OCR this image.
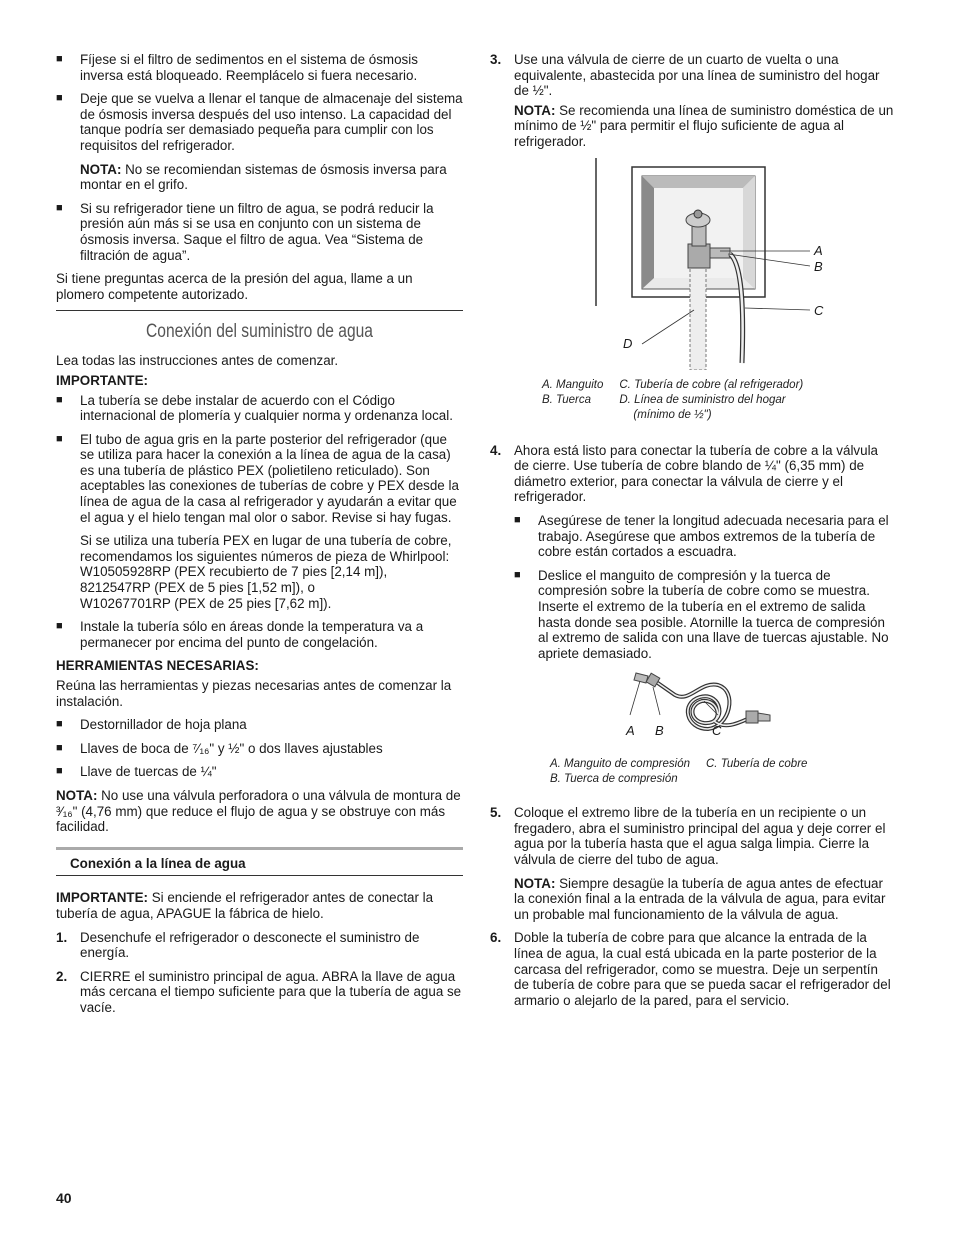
■ Fíjese si el filtro de sedimentos en el sistema de ósmosis inversa está bloqueado. Reemplácelo si fuera necesario.
■ Deje que se vuelva a llenar el tanque de almacenaje del sistema de ósmosis inversa después del uso intenso. La capacidad del tanque podría ser demasiado pequeña para cumplir con los requisitos del refrigerador.

NOTA: No se recomiendan sistemas de ósmosis inversa para montar en el grifo.

■ Si su refrigerador tiene un filtro de agua, se podrá reducir la presión aún más si se usa en conjunto con un sistema de ósmosis inversa. Saque el filtro de agua. Vea “Sistema de filtración de agua”.

Si tiene preguntas acerca de la presión del agua, llame a un plomero competente autorizado.

Conexión del suministro de agua

Lea todas las instrucciones antes de comenzar.

IMPORTANTE:

■ La tubería se debe instalar de acuerdo con el Código internacional de plomería y cualquier norma y ordenanza local.
■ El tubo de agua gris en la parte posterior del refrigerador (que se utiliza para hacer la conexión a la línea de agua de la casa) es una tubería de plástico PEX (polietileno reticulado). Son aceptables las conexiones de tuberías de cobre y PEX desde la línea de agua de la casa al refrigerador y ayudarán a evitar que el agua y el hielo tengan mal olor o sabor. Revise si hay fugas.

Si se utiliza una tubería PEX en lugar de una tubería de cobre, recomendamos los siguientes números de pieza de Whirlpool:

W10505928RP (PEX recubierto de 7 pies [2,14 m]),
8212547RP (PEX de 5 pies [1,52 m]), o
W10267701RP (PEX de 25 pies [7,62 m]).
■ Instale la tubería sólo en áreas donde la temperatura va a permanecer por encima del punto de congelación.

HERRAMIENTAS NECESARIAS:

Reúna las herramientas y piezas necesarias antes de comenzar la instalación.

■ Destornillador de hoja plana
■ Llaves de boca de ⁷⁄₁₆" y ½" o dos llaves ajustables
■ Llave de tuercas de ¼"

NOTA: No use una válvula perforadora o una válvula de montura de ³⁄₁₆" (4,76 mm) que reduce el flujo de agua y se obstruye con más facilidad.

Conexión a la línea de agua

IMPORTANTE: Si enciende el refrigerador antes de conectar la tubería de agua, APAGUE la fábrica de hielo.

1. Desenchufe el refrigerador o desconecte el suministro de energía.
2. CIERRE el suministro principal de agua. ABRA la llave de agua más cercana el tiempo suficiente para que la tubería de agua se vacíe.
3. Use una válvula de cierre de un cuarto de vuelta o una equivalente, abastecida por una línea de suministro del hogar de ½".

NOTA: Se recomienda una línea de suministro doméstica de un mínimo de ½" para permitir el flujo suficiente de agua al refrigerador.

A
B
C
D
A. Manguito	C. Tubería de cobre (al refrigerador)
B. Tuerca	D. Línea de suministro del hogar
	(mínimo de ½")
4. Ahora está listo para conectar la tubería de cobre a la válvula de cierre. Use tubería de cobre blando de ¼" (6,35 mm) de diámetro exterior, para conectar la válvula de cierre y el refrigerador.
■ Asegúrese de tener la longitud adecuada necesaria para el trabajo. Asegúrese que ambos extremos de la tubería de cobre están cortados a escuadra.
■ Deslice el manguito de compresión y la tuerca de compresión sobre la tubería de cobre como se muestra. Inserte el extremo de la tubería en el extremo de salida hasta donde sea posible. Atornille la tuerca de compresión al extremo de salida con una llave de tuercas ajustable. No apriete demasiado.
A B	C
A. Manguito de compresión	C. Tubería de cobre
B. Tuerca de compresión	
5. Coloque el extremo libre de la tubería en un recipiente o un fregadero, abra el suministro principal del agua y deje correr el agua por la tubería hasta que el agua salga limpia. Cierre la válvula de cierre del tubo de agua.

NOTA: Siempre desagüe la tubería de agua antes de efectuar la conexión final a la entrada de la válvula de agua, para evitar un probable mal funcionamiento de la válvula de agua.

6. Doble la tubería de cobre para que alcance la entrada de la línea de agua, la cual está ubicada en la parte posterior de la carcasa del refrigerador, como se muestra. Deje un serpentín de tubería de cobre para que se pueda sacar el refrigerador del armario o alejarlo de la pared, para el servicio.
40
